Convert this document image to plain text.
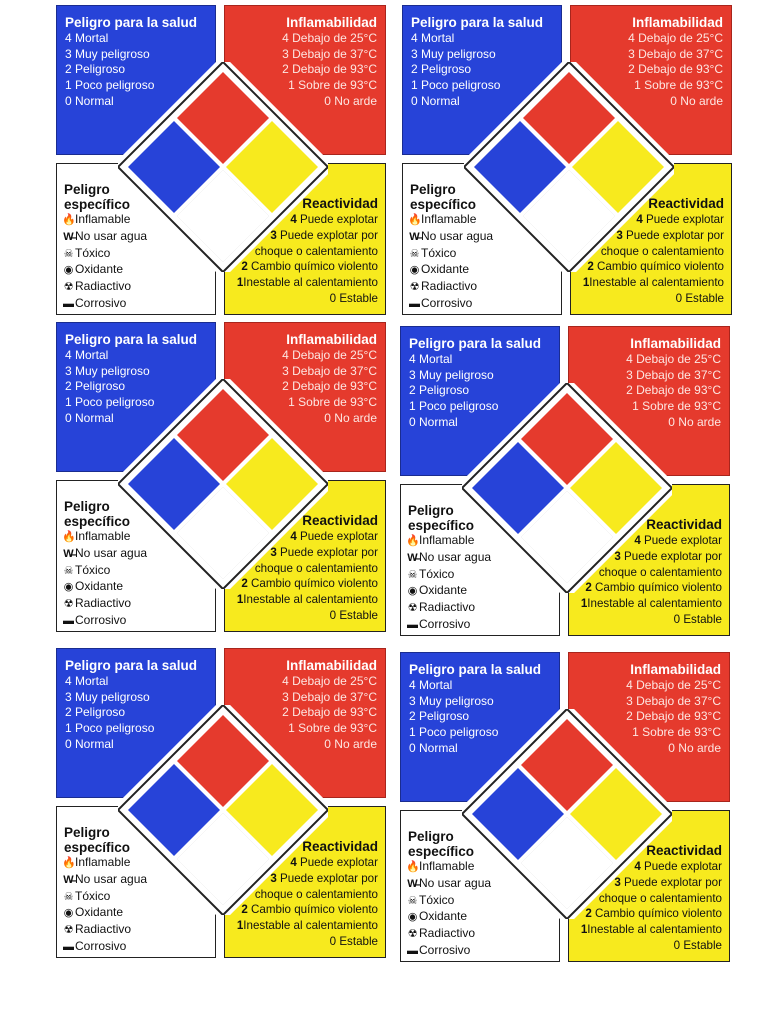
Peligro para la salud
4 Mortal
3 Muy peligroso
2 Peligroso
1 Poco peligroso
0 Normal
Inflamabilidad
4 Debajo de 25°C
3 Debajo de 37°C
2 Debajo de 93°C
1 Sobre de 93°C
0 No arde
Peligro específico
🔥Inflamable
W̶No usar agua
☠ Tóxico
◉ Oxidante
☢ Radiactivo
▬Corrosivo
Reactividad
4 Puede explotar
3 Puede explotar por
choque o calentamiento
2 Cambio químico violento
1Inestable al calentamiento
0 Estable
Peligro para la salud
4 Mortal
3 Muy peligroso
2 Peligroso
1 Poco peligroso
0 Normal
Inflamabilidad
4 Debajo de 25°C
3 Debajo de 37°C
2 Debajo de 93°C
1 Sobre de 93°C
0 No arde
Peligro específico
🔥Inflamable
W̶No usar agua
☠ Tóxico
◉ Oxidante
☢ Radiactivo
▬Corrosivo
Reactividad
4 Puede explotar
3 Puede explotar por
choque o calentamiento
2 Cambio químico violento
1Inestable al calentamiento
0 Estable
Peligro para la salud
4 Mortal
3 Muy peligroso
2 Peligroso
1 Poco peligroso
0 Normal
Inflamabilidad
4 Debajo de 25°C
3 Debajo de 37°C
2 Debajo de 93°C
1 Sobre de 93°C
0 No arde
Peligro específico
🔥Inflamable
W̶No usar agua
☠ Tóxico
◉ Oxidante
☢ Radiactivo
▬Corrosivo
Reactividad
4 Puede explotar
3 Puede explotar por
choque o calentamiento
2 Cambio químico violento
1Inestable al calentamiento
0 Estable
Peligro para la salud
4 Mortal
3 Muy peligroso
2 Peligroso
1 Poco peligroso
0 Normal
Inflamabilidad
4 Debajo de 25°C
3 Debajo de 37°C
2 Debajo de 93°C
1 Sobre de 93°C
0 No arde
Peligro específico
🔥Inflamable
W̶No usar agua
☠ Tóxico
◉ Oxidante
☢ Radiactivo
▬Corrosivo
Reactividad
4 Puede explotar
3 Puede explotar por
choque o calentamiento
2 Cambio químico violento
1Inestable al calentamiento
0 Estable
Peligro para la salud
4 Mortal
3 Muy peligroso
2 Peligroso
1 Poco peligroso
0 Normal
Inflamabilidad
4 Debajo de 25°C
3 Debajo de 37°C
2 Debajo de 93°C
1 Sobre de 93°C
0 No arde
Peligro específico
🔥Inflamable
W̶No usar agua
☠ Tóxico
◉ Oxidante
☢ Radiactivo
▬Corrosivo
Reactividad
4 Puede explotar
3 Puede explotar por
choque o calentamiento
2 Cambio químico violento
1Inestable al calentamiento
0 Estable
Peligro para la salud
4 Mortal
3 Muy peligroso
2 Peligroso
1 Poco peligroso
0 Normal
Inflamabilidad
4 Debajo de 25°C
3 Debajo de 37°C
2 Debajo de 93°C
1 Sobre de 93°C
0 No arde
Peligro específico
🔥Inflamable
W̶No usar agua
☠ Tóxico
◉ Oxidante
☢ Radiactivo
▬Corrosivo
Reactividad
4 Puede explotar
3 Puede explotar por
choque o calentamiento
2 Cambio químico violento
1Inestable al calentamiento
0 Estable
